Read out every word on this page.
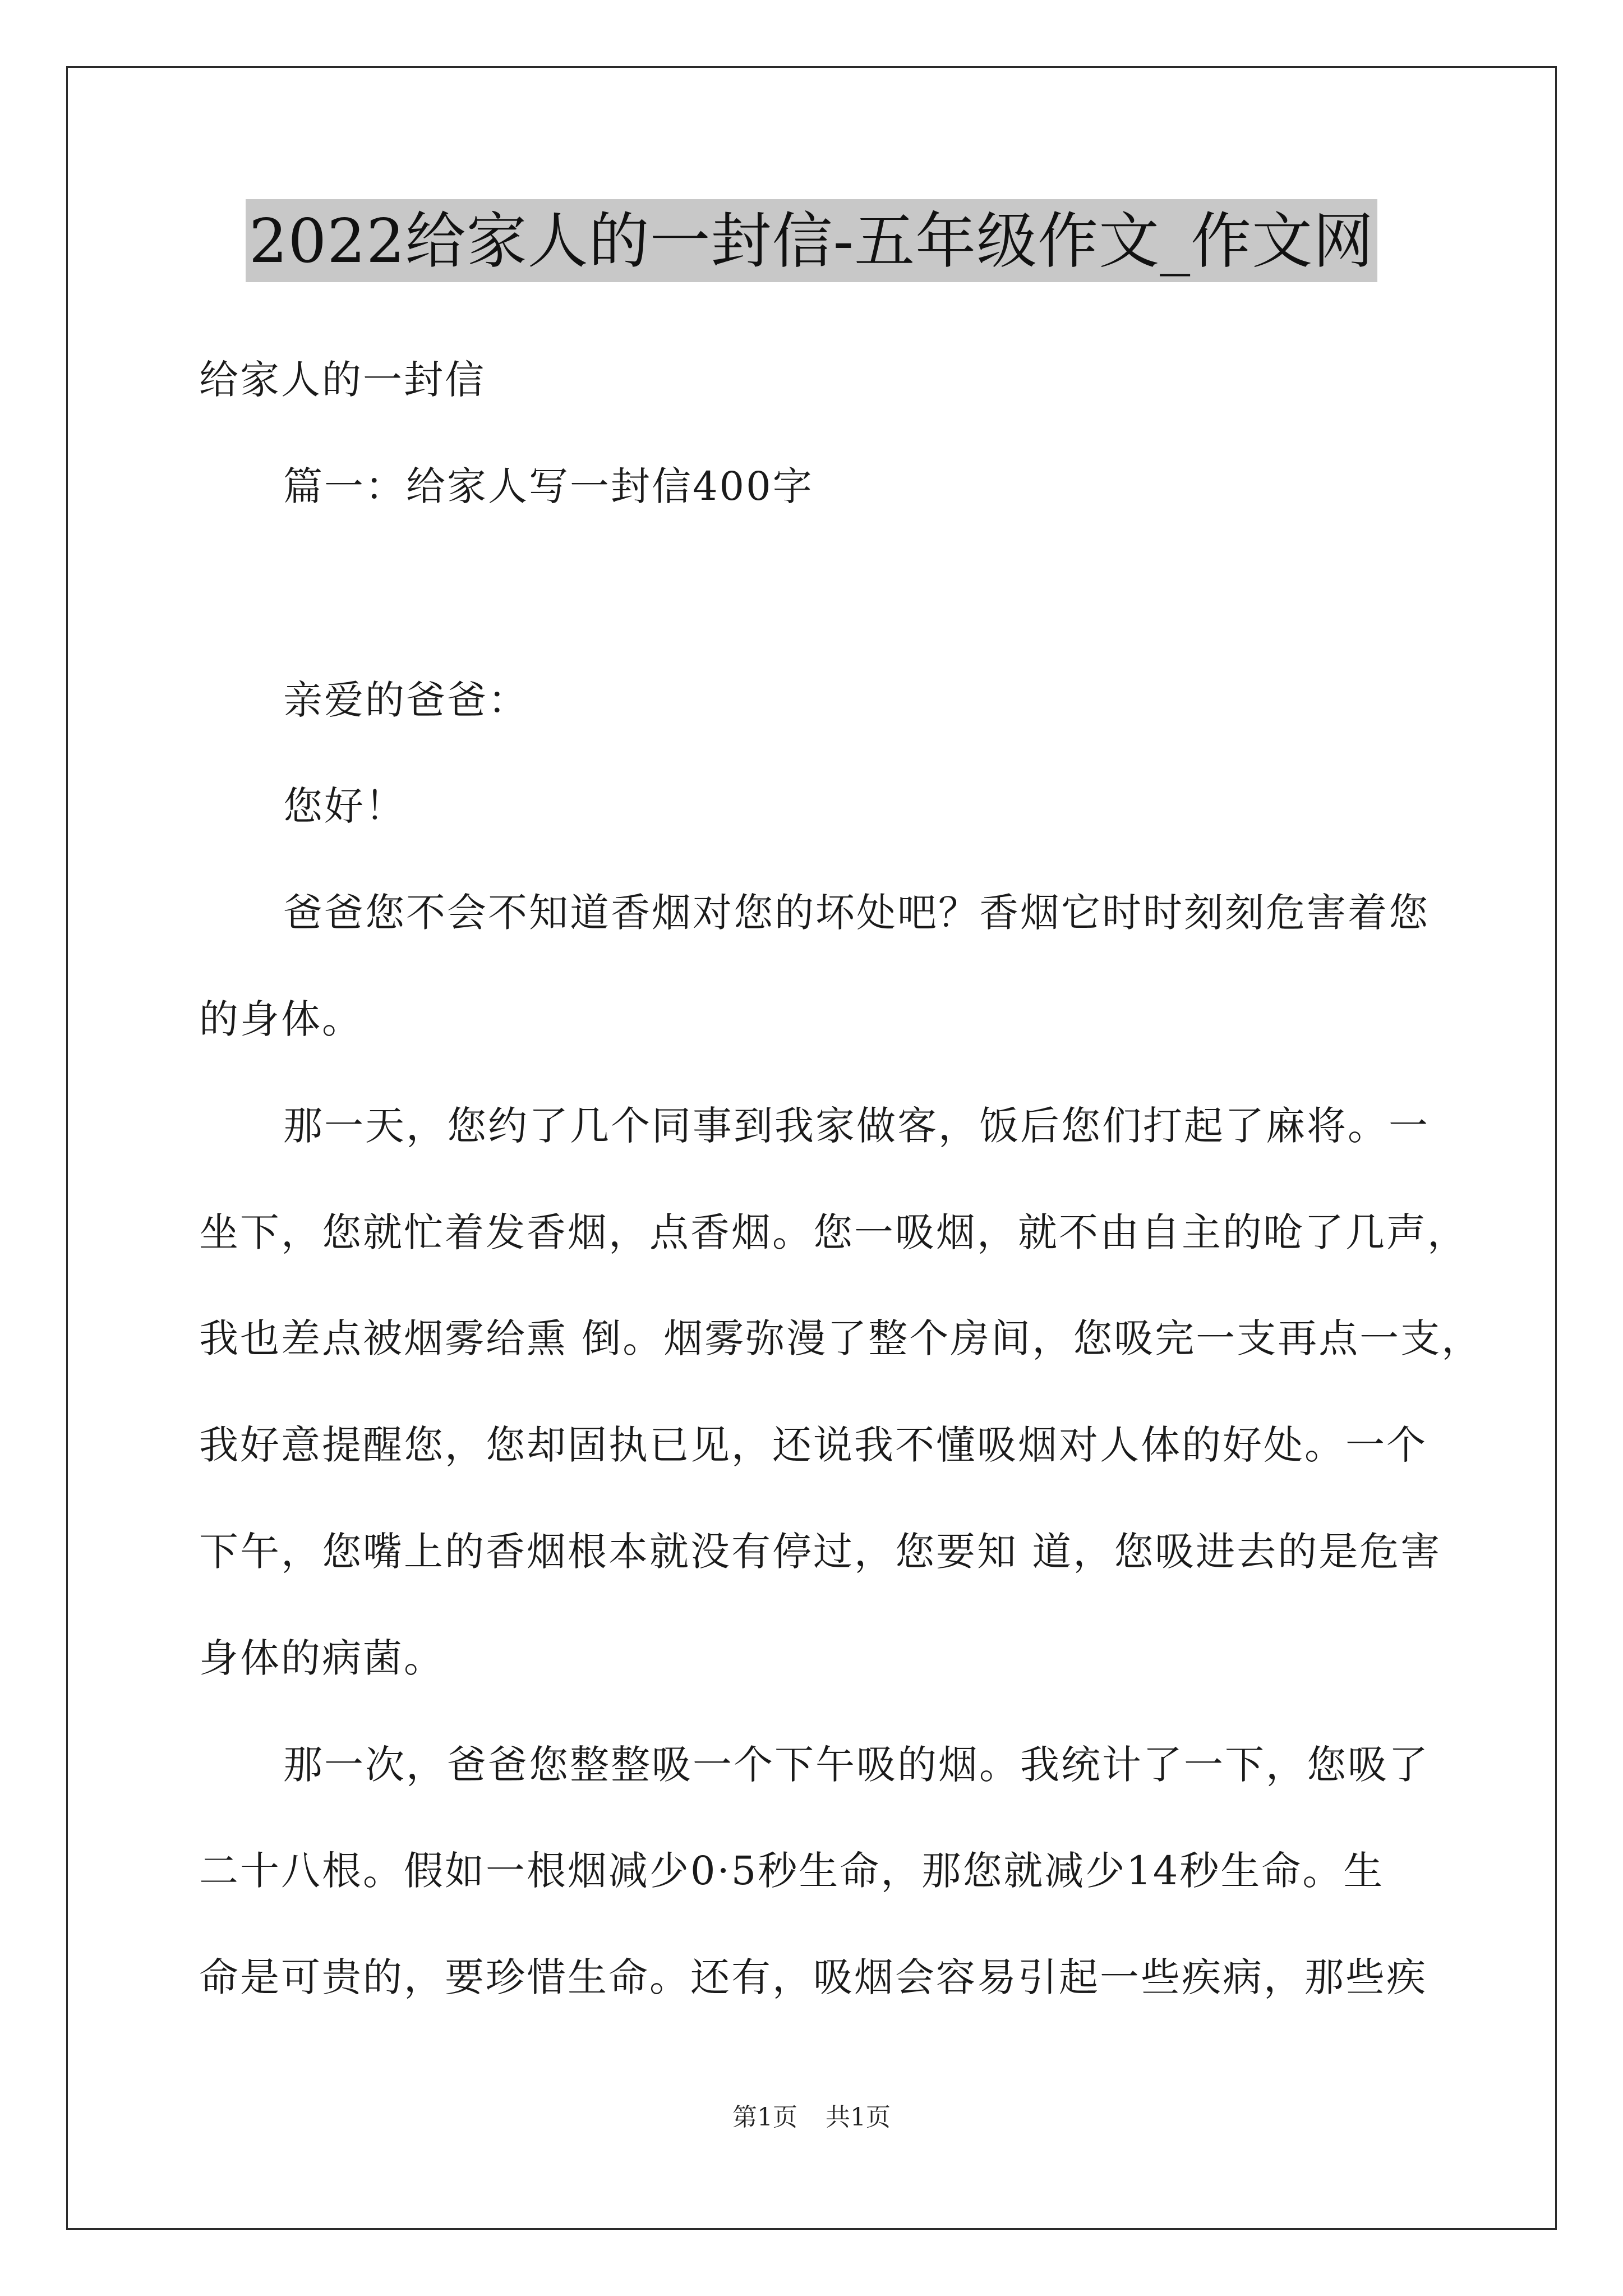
2022给家人的一封信-五年级作文_作文网
给家人的一封信
篇一：给家人写一封信400字
亲爱的爸爸：
您好！
爸爸您不会不知道香烟对您的坏处吧？香烟它时时刻刻危害着您
的身体。
那一天，您约了几个同事到我家做客，饭后您们打起了麻将。一
坐下，您就忙着发香烟，点香烟。您一吸烟，就不由自主的呛了几声，
我也差点被烟雾给熏 倒。烟雾弥漫了整个房间，您吸完一支再点一支，
我好意提醒您，您却固执已见，还说我不懂吸烟对人体的好处。一个
下午，您嘴上的香烟根本就没有停过，您要知 道，您吸进去的是危害
身体的病菌。
那一次，爸爸您整整吸一个下午吸的烟。我统计了一下，您吸了
二十八根。假如一根烟减少0·5秒生命，那您就减少14秒生命。生
命是可贵的，要珍惜生命。还有，吸烟会容易引起一些疾病，那些疾
第1页 共1页
